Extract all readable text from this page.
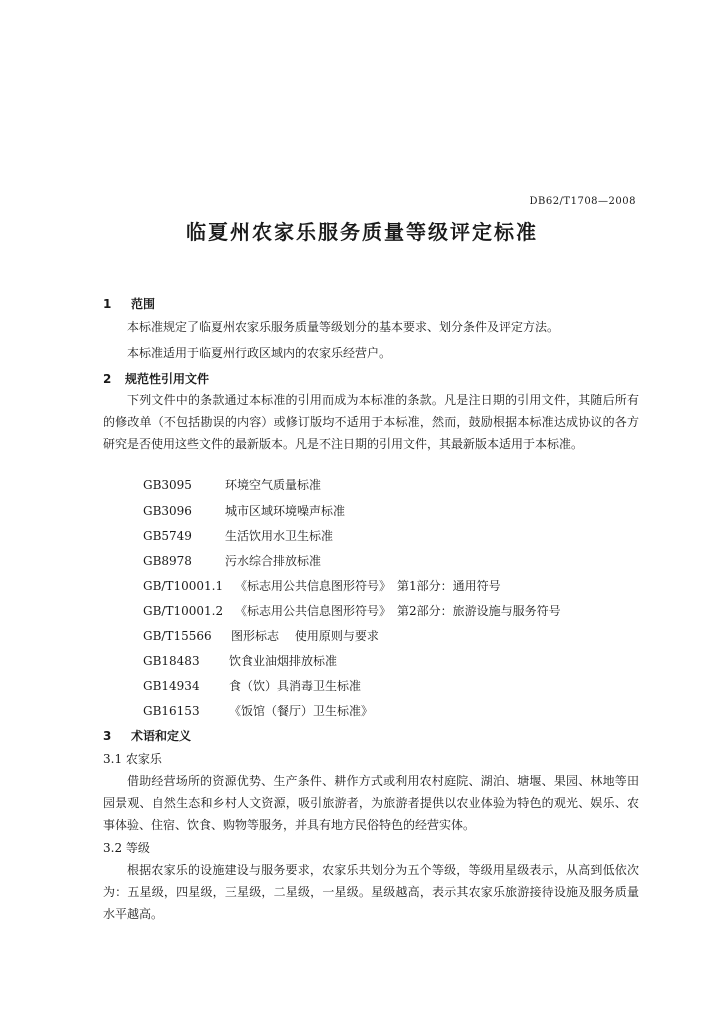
DB62/T1708—2008
临夏州农家乐服务质量等级评定标准
1 范围
本标准规定了临夏州农家乐服务质量等级划分的基本要求、划分条件及评定方法。
本标准适用于临夏州行政区域内的农家乐经营户。
2 规范性引用文件
下列文件中的条款通过本标准的引用而成为本标准的条款。凡是注日期的引用文件，其随后所有的修改单（不包括勘误的内容）或修订版均不适用于本标准，然而，鼓励根据本标准达成协议的各方研究是否使用这些文件的最新版本。凡是不注日期的引用文件，其最新版本适用于本标准。
GB3095	环境空气质量标准
GB3096	城市区域环境噪声标准
GB5749	生活饮用水卫生标准
GB8978	污水综合排放标准
GB/T10001.1 《标志用公共信息图形符号》　第1部分：通用符号
GB/T10001.2 《标志用公共信息图形符号》　第2部分：旅游设施与服务符号
GB/T15566 图形标志　 使用原则与要求
GB18483 饮食业油烟排放标准
GB14934 食（饮）具消毒卫生标准
GB16153 《饭馆（餐厅）卫生标准》
3 术语和定义
3.1 农家乐
借助经营场所的资源优势、生产条件、耕作方式或利用农村庭院、湖泊、塘堰、果园、林地等田园景观、自然生态和乡村人文资源，吸引旅游者，为旅游者提供以农业体验为特色的观光、娱乐、农事体验、住宿、饮食、购物等服务，并具有地方民俗特色的经营实体。
3.2 等级
根据农家乐的设施建设与服务要求，农家乐共划分为五个等级，等级用星级表示，从高到低依次为：五星级，四星级，三星级，二星级，一星级。星级越高，表示其农家乐旅游接待设施及服务质量水平越高。
